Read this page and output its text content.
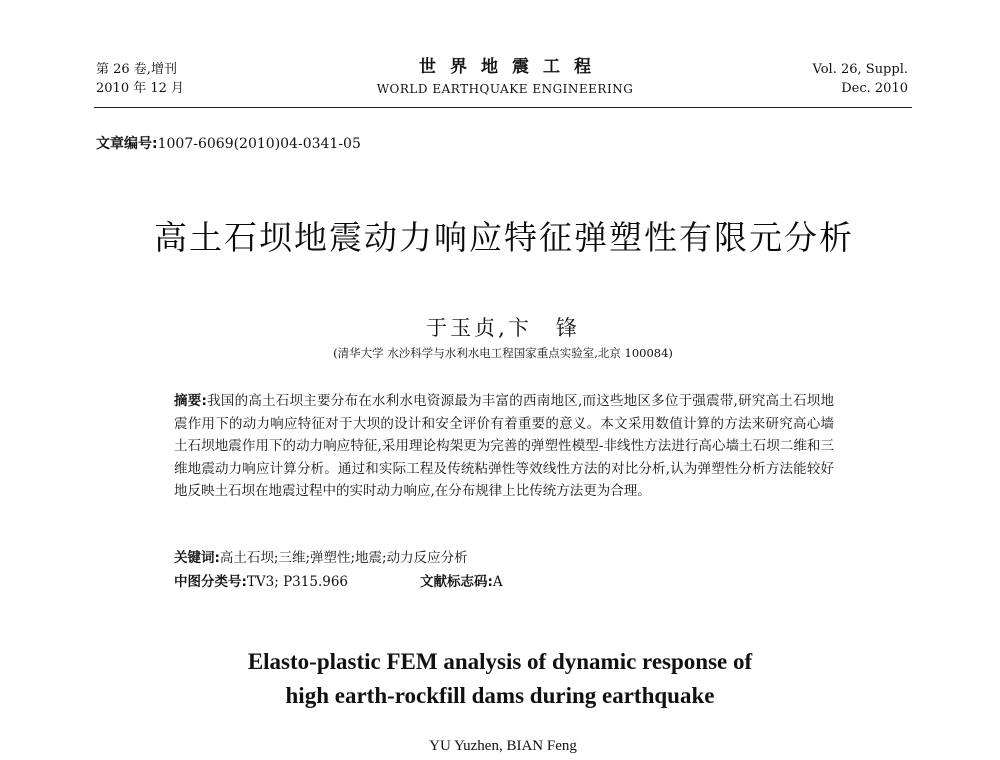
第 26 卷,增刊
2010 年 12 月
世界地震工程
WORLD EARTHQUAKE ENGINEERING
Vol. 26, Suppl.
Dec. 2010
文章编号:1007-6069(2010)04-0341-05
高土石坝地震动力响应特征弹塑性有限元分析
于玉贞,卞　锋
(清华大学 水沙科学与水利水电工程国家重点实验室,北京 100084)
摘要:我国的高土石坝主要分布在水利水电资源最为丰富的西南地区,而这些地区多位于强震带,研究高土石坝地震作用下的动力响应特征对于大坝的设计和安全评价有着重要的意义。本文采用数值计算的方法来研究高心墙土石坝地震作用下的动力响应特征,采用理论构架更为完善的弹塑性模型-非线性方法进行高心墙土石坝二维和三维地震动力响应计算分析。通过和实际工程及传统粘弹性等效线性方法的对比分析,认为弹塑性分析方法能较好地反映土石坝在地震过程中的实时动力响应,在分布规律上比传统方法更为合理。
关键词:高土石坝;三维;弹塑性;地震;动力反应分析
中图分类号:TV3; P315.966	文献标志码:A
Elasto-plastic FEM analysis of dynamic response of
high earth-rockfill dams during earthquake
YU Yuzhen, BIAN Feng
